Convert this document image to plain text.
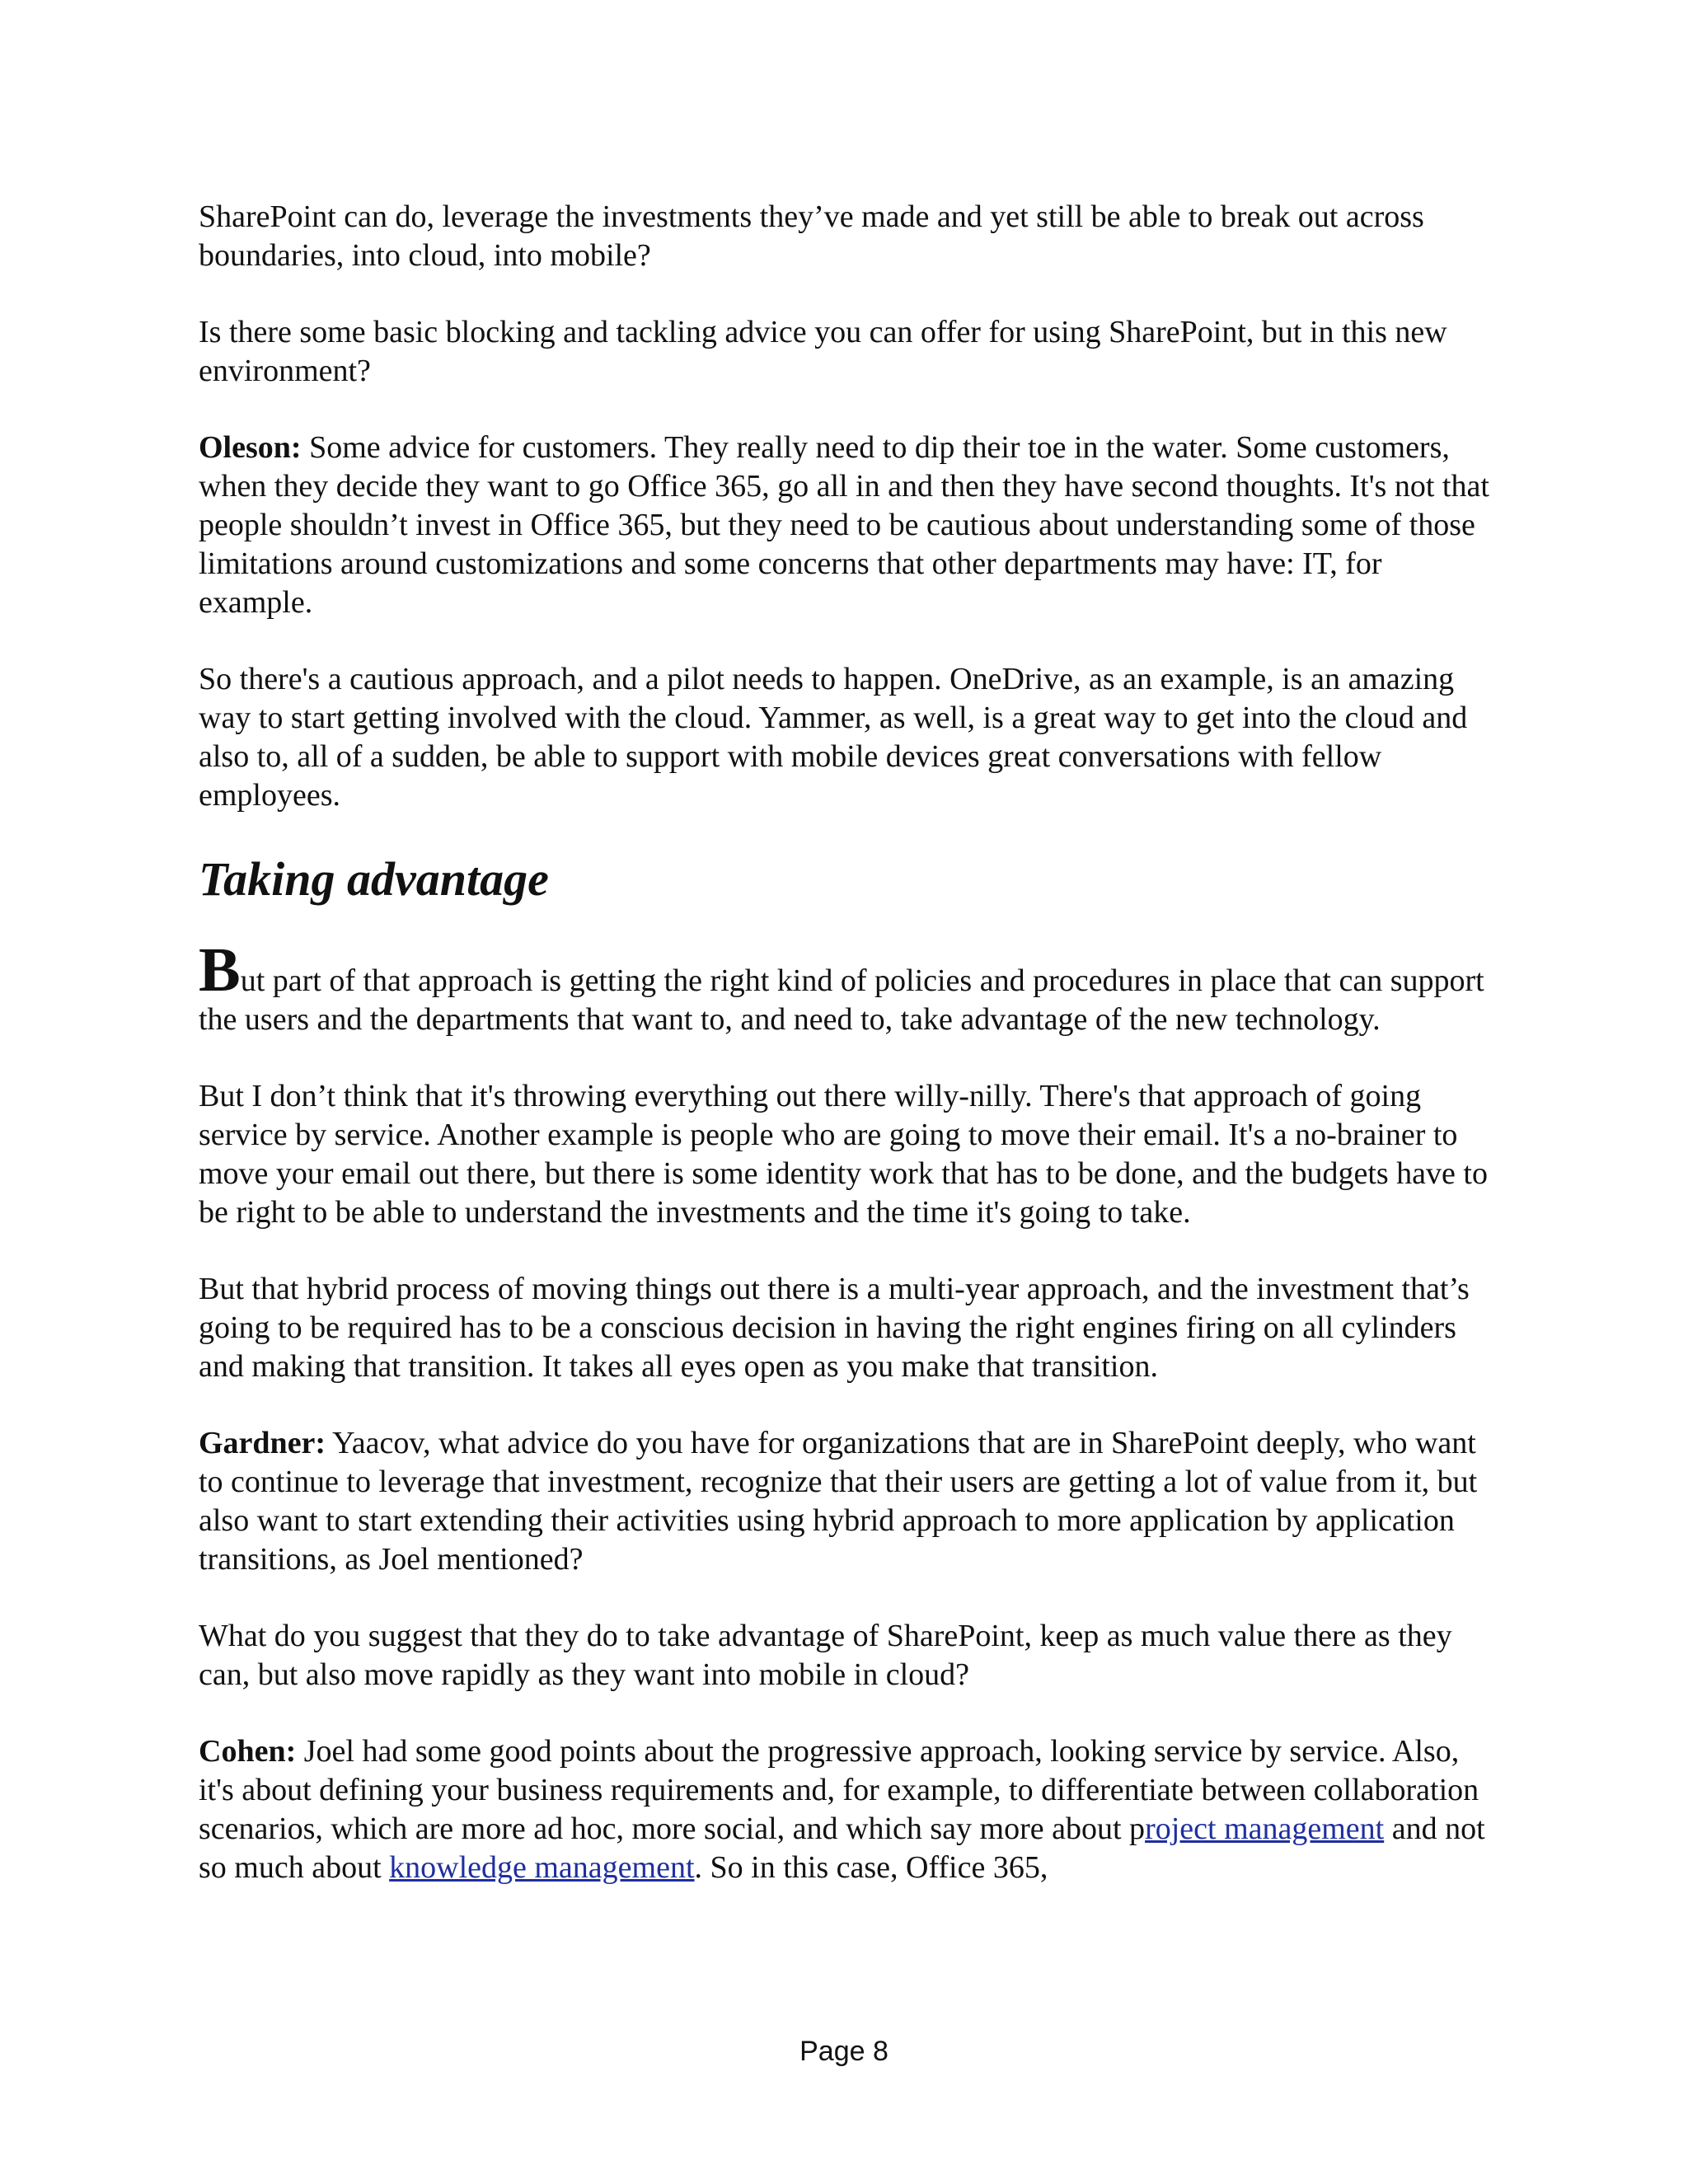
SharePoint can do, leverage the investments they’ve made and yet still be able to break out across boundaries, into cloud, into mobile?

Is there some basic blocking and tackling advice you can offer for using SharePoint, but in this new environment?

Oleson: Some advice for customers. They really need to dip their toe in the water. Some customers, when they decide they want to go Office 365, go all in and then they have second thoughts. It's not that people shouldn’t invest in Office 365, but they need to be cautious about understanding some of those limitations around customizations and some concerns that other departments may have: IT, for example.

So there's a cautious approach, and a pilot needs to happen. OneDrive, as an example, is an amazing way to start getting involved with the cloud. Yammer, as well, is a great way to get into the cloud and also to, all of a sudden, be able to support with mobile devices great conversations with fellow employees.

Taking advantage

But part of that approach is getting the right kind of policies and procedures in place that can support the users and the departments that want to, and need to, take advantage of the new technology.

But I don’t think that it's throwing everything out there willy-nilly. There's that approach of going service by service. Another example is people who are going to move their email. It's a no-brainer to move your email out there, but there is some identity work that has to be done, and the budgets have to be right to be able to understand the investments and the time it's going to take.

But that hybrid process of moving things out there is a multi-year approach, and the investment that’s going to be required has to be a conscious decision in having the right engines firing on all cylinders and making that transition. It takes all eyes open as you make that transition.

Gardner: Yaacov, what advice do you have for organizations that are in SharePoint deeply, who want to continue to leverage that investment, recognize that their users are getting a lot of value from it, but also want to start extending their activities using hybrid approach to more application by application transitions, as Joel mentioned?

What do you suggest that they do to take advantage of SharePoint, keep as much value there as they can, but also move rapidly as they want into mobile in cloud?

Cohen: Joel had some good points about the progressive approach, looking service by service. Also, it's about defining your business requirements and, for example, to differentiate between collaboration scenarios, which are more ad hoc, more social, and which say more about project management and not so much about knowledge management. So in this case, Office 365,

Page 8
